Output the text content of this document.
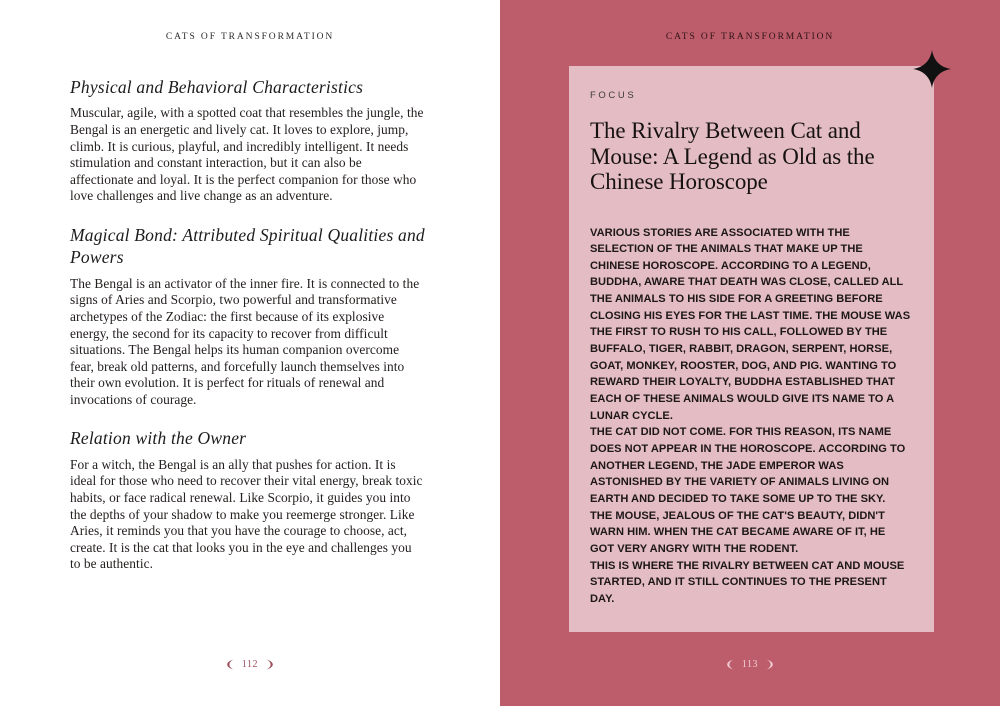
CATS OF TRANSFORMATION
Physical and Behavioral Characteristics

Muscular, agile, with a spotted coat that resembles the jungle, the Bengal is an energetic and lively cat. It loves to explore, jump, climb. It is curious, playful, and incredibly intelligent. It needs stimulation and constant interaction, but it can also be affectionate and loyal. It is the perfect companion for those who love challenges and live change as an adventure.

Magical Bond: Attributed Spiritual Qualities and Powers

The Bengal is an activator of the inner fire. It is connected to the signs of Aries and Scorpio, two powerful and transformative archetypes of the Zodiac: the first because of its explosive energy, the second for its capacity to recover from difficult situations. The Bengal helps its human companion overcome fear, break old patterns, and forcefully launch themselves into their own evolution. It is perfect for rituals of renewal and invocations of courage.

Relation with the Owner

For a witch, the Bengal is an ally that pushes for action. It is ideal for those who need to recover their vital energy, break toxic habits, or face radical renewal. Like Scorpio, it guides you into the depths of your shadow to make you reemerge stronger. Like Aries, it reminds you that you have the courage to choose, act, create. It is the cat that looks you in the eye and challenges you to be authentic.

112
CATS OF TRANSFORMATION
FOCUS
The Rivalry Between Cat and Mouse: A Legend as Old as the Chinese Horoscope

VARIOUS STORIES ARE ASSOCIATED WITH THE SELECTION OF THE ANIMALS THAT MAKE UP THE CHINESE HOROSCOPE. ACCORDING TO A LEGEND, BUDDHA, AWARE THAT DEATH WAS CLOSE, CALLED ALL THE ANIMALS TO HIS SIDE FOR A GREETING BEFORE CLOSING HIS EYES FOR THE LAST TIME. THE MOUSE WAS THE FIRST TO RUSH TO HIS CALL, FOLLOWED BY THE BUFFALO, TIGER, RABBIT, DRAGON, SERPENT, HORSE, GOAT, MONKEY, ROOSTER, DOG, AND PIG. WANTING TO REWARD THEIR LOYALTY, BUDDHA ESTABLISHED THAT EACH OF THESE ANIMALS WOULD GIVE ITS NAME TO A LUNAR CYCLE.

THE CAT DID NOT COME. FOR THIS REASON, ITS NAME DOES NOT APPEAR IN THE HOROSCOPE. ACCORDING TO ANOTHER LEGEND, THE JADE EMPEROR WAS ASTONISHED BY THE VARIETY OF ANIMALS LIVING ON EARTH AND DECIDED TO TAKE SOME UP TO THE SKY.

THE MOUSE, JEALOUS OF THE CAT'S BEAUTY, DIDN'T WARN HIM. WHEN THE CAT BECAME AWARE OF IT, HE GOT VERY ANGRY WITH THE RODENT.

THIS IS WHERE THE RIVALRY BETWEEN CAT AND MOUSE STARTED, AND IT STILL CONTINUES TO THE PRESENT DAY.

113
